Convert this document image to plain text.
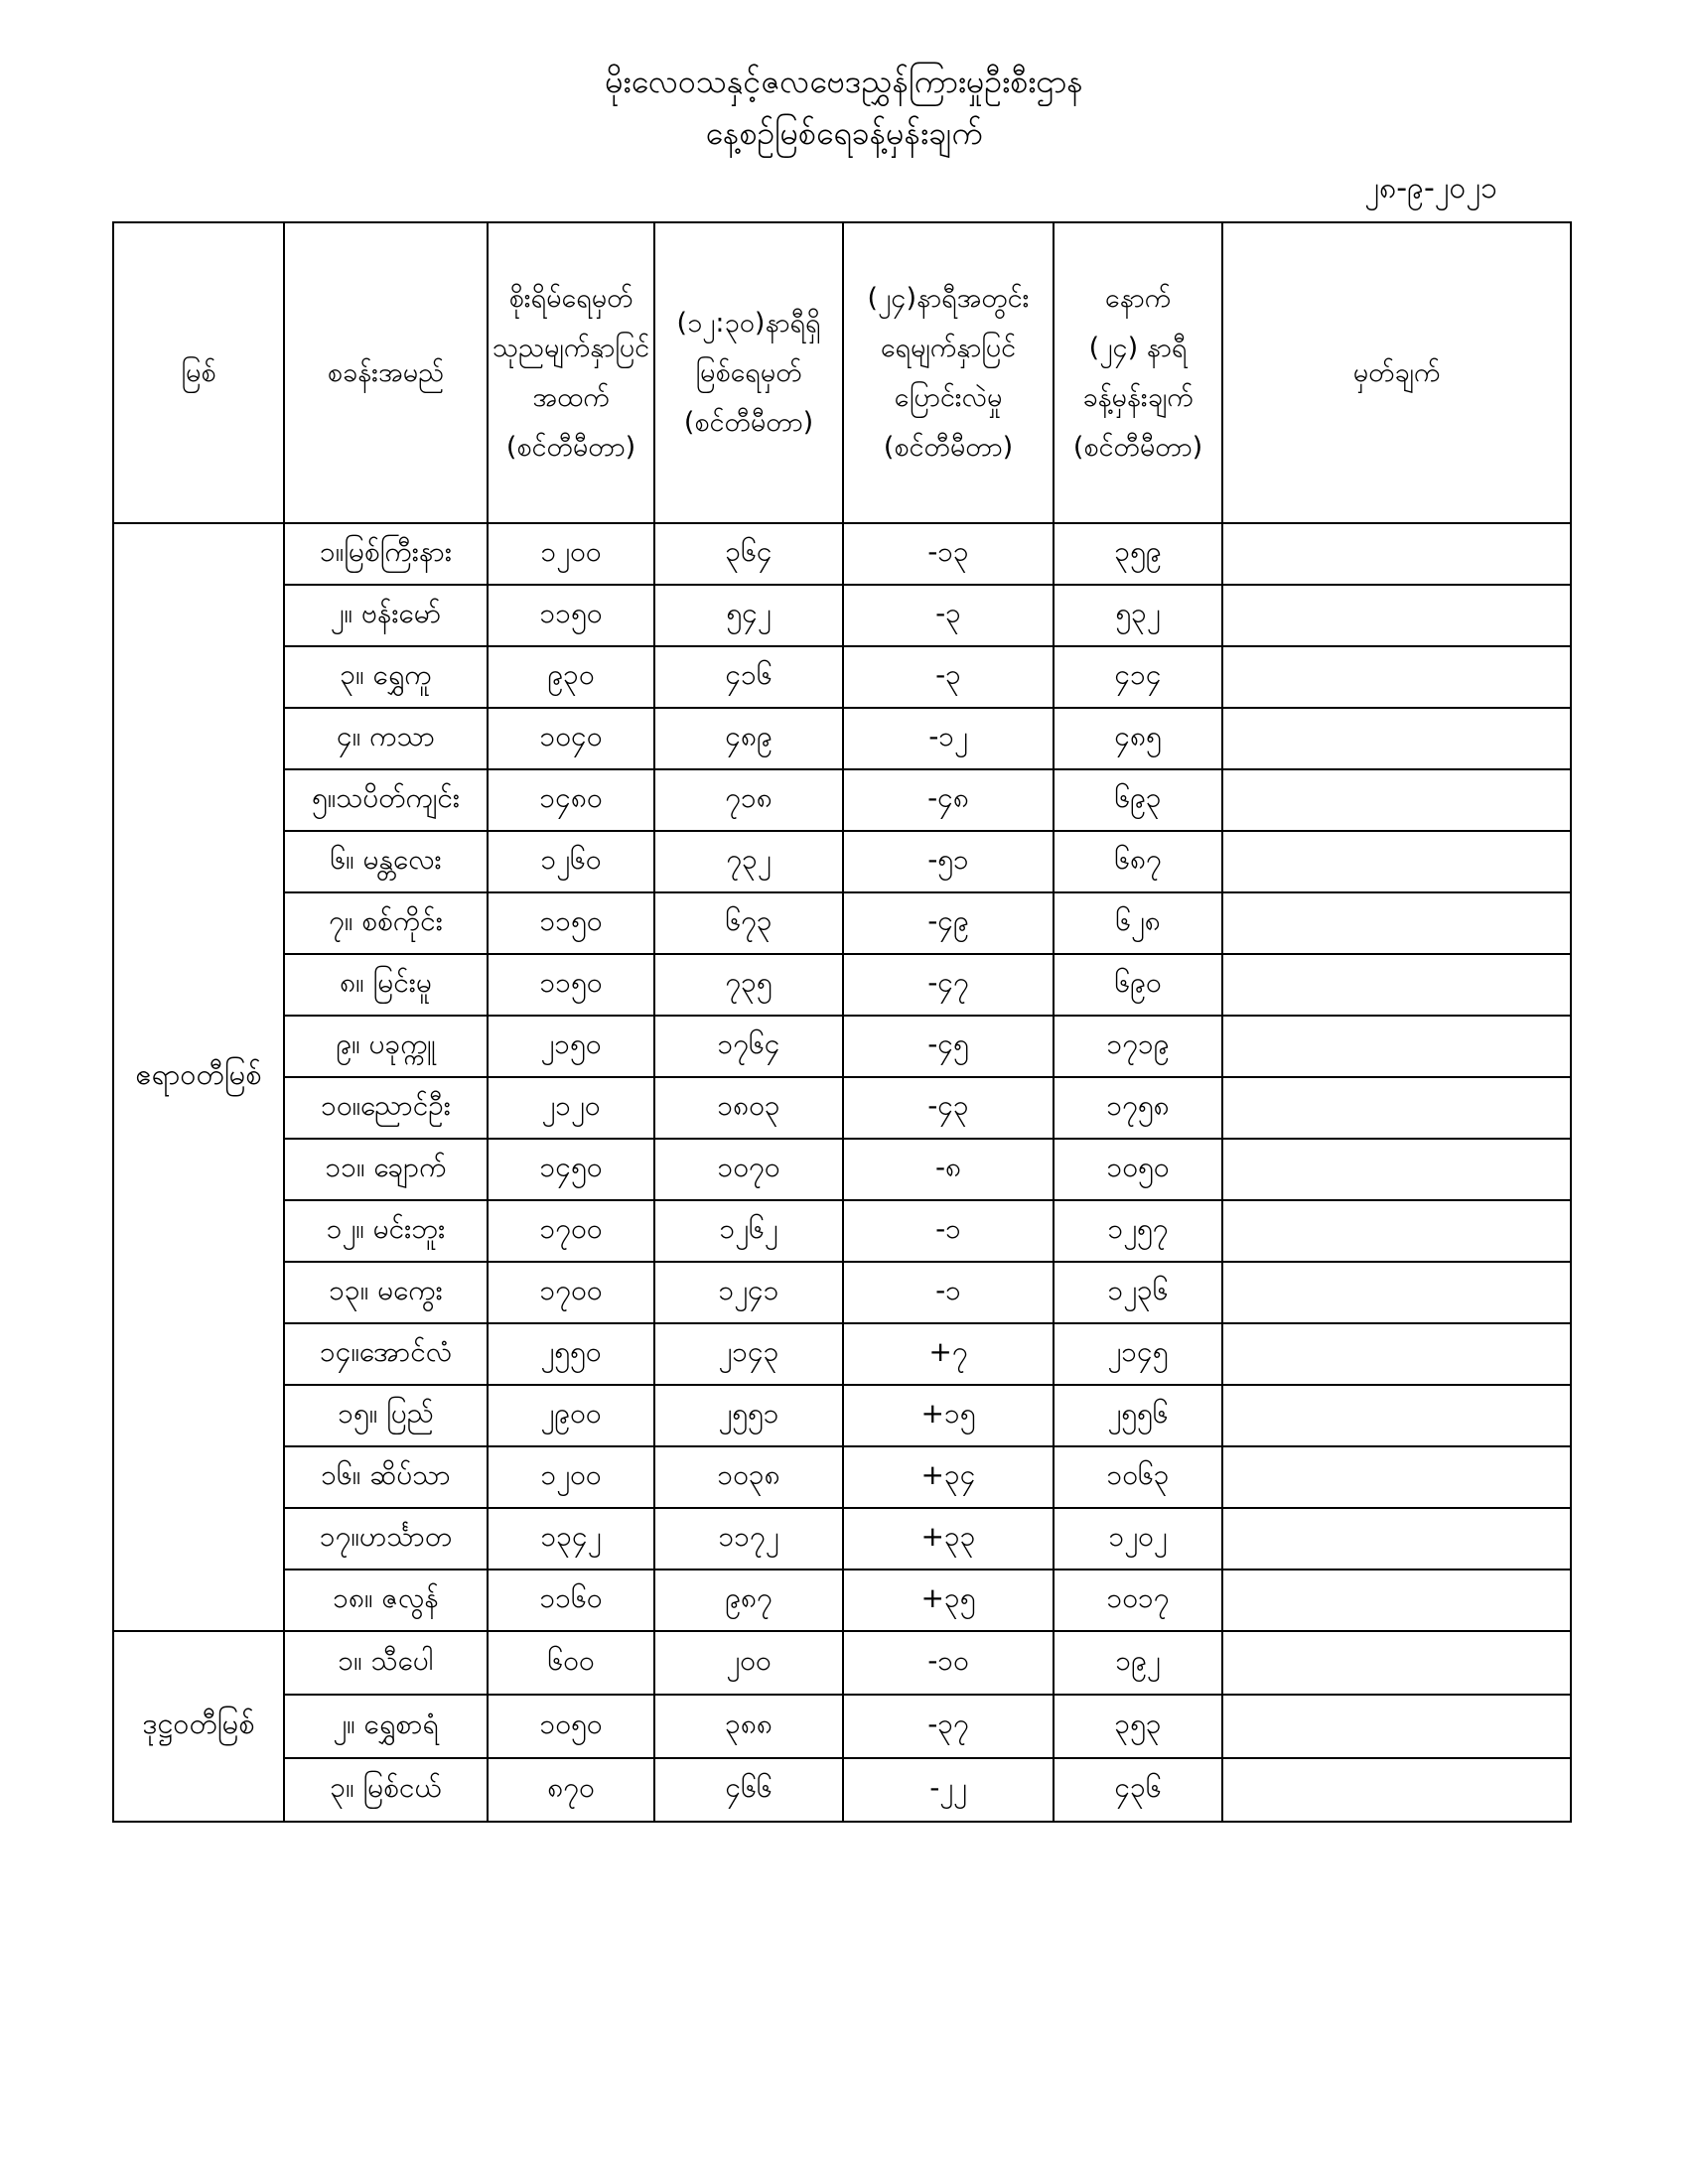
မိုးလေဝသနှင့်ဇလဗေဒညွှန်ကြားမှုဦးစီးဌာန
နေ့စဉ်မြစ်ရေခန့်မှန်းချက်
၂၈-၉-၂၀၂၁
မြစ်	စခန်းအမည်	စိုးရိမ်ရေမှတ်
သုညမျက်နှာပြင်
အထက်
(စင်တီမီတာ)	(၁၂:၃၀)နာရီရှိ
မြစ်ရေမှတ်
(စင်တီမီတာ)	(၂၄)နာရီအတွင်း
ရေမျက်နှာပြင်
ပြောင်းလဲမှု
(စင်တီမီတာ)	နောက်
(၂၄) နာရီ
ခန့်မှန်းချက်
(စင်တီမီတာ)	မှတ်ချက်
ဧရာဝတီမြစ်	၁။မြစ်ကြီးနား	၁၂၀၀	၃၆၄	-၁၃	၃၅၉	
	၂။ ဗန်းမော်	၁၁၅၀	၅၄၂	-၃	၅၃၂	
	၃။ ရွှေကူ	၉၃၀	၄၁၆	-၃	၄၁၄	
	၄။ ကသာ	၁၀၄၀	၄၈၉	-၁၂	၄၈၅	
	၅။သပိတ်ကျင်း	၁၄၈၀	၇၁၈	-၄၈	၆၉၃	
	၆။ မန္တလေး	၁၂၆၀	၇၃၂	-၅၁	၆၈၇	
	၇။ စစ်ကိုင်း	၁၁၅၀	၆၇၃	-၄၉	၆၂၈	
	၈။ မြင်းမူ	၁၁၅၀	၇၃၅	-၄၇	၆၉၀	
	၉။ ပခုက္ကူ	၂၁၅၀	၁၇၆၄	-၄၅	၁၇၁၉	
	၁၀။ညောင်ဦး	၂၁၂၀	၁၈၀၃	-၄၃	၁၇၅၈	
	၁၁။ ချောက်	၁၄၅၀	၁၀၇၀	-၈	၁၀၅၀	
	၁၂။ မင်းဘူး	၁၇၀၀	၁၂၆၂	-၁	၁၂၅၇	
	၁၃။ မကွေး	၁၇၀၀	၁၂၄၁	-၁	၁၂၃၆	
	၁၄။အောင်လံ	၂၅၅၀	၂၁၄၃	+၇	၂၁၄၅	
	၁၅။ ပြည်	၂၉၀၀	၂၅၅၁	+၁၅	၂၅၅၆	
	၁၆။ ဆိပ်သာ	၁၂၀၀	၁၀၃၈	+၃၄	၁၀၆၃	
	၁၇။ဟင်္သာတ	၁၃၄၂	၁၁၇၂	+၃၃	၁၂၀၂	
	၁၈။ ဇလွန်	၁၁၆၀	၉၈၇	+၃၅	၁၀၁၇	
ဒုဋ္ဌဝတီမြစ်	၁။ သီပေါ	၆၀၀	၂၀၀	-၁၀	၁၉၂	
	၂။ ရွှေစာရံ	၁၀၅၀	၃၈၈	-၃၇	၃၅၃	
	၃။ မြစ်ငယ်	၈၇၀	၄၆၆	-၂၂	၄၃၆	
